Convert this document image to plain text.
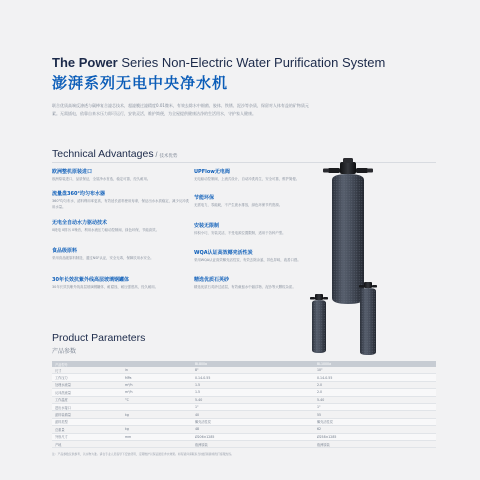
The Power Series Non-Electric Water Purification System
澎湃系列无电中央净水机
联合优质高端反渗透与碳棒复合滤芯技术，超滤膜过滤精度0.01微米，有效去除水中细菌、胶体、铁锈、泥沙等杂质，保留对人体有益的矿物质元素。无需插电，依靠自来水压力即可运行，安装灵活，维护简便，为全屋提供健康洁净的生活用水，守护家人健康。
Technical Advantages / 技术优势
欧洲整机原装进口
欧洲原装进口，品质保证，全屋净水首选，稳定可靠，经久耐用。
流量盘360°均匀布水器
360°均匀布水，滤料利用率更高，有效延长滤料使用寿命，保证出水水质稳定，减少反冲洗用水量。
无电全自动水力驱动技术
0耗电 0排污 0噪音，利用水流压力驱动控制阀，绿色环保，节能高效。
食品级原料
采用食品级原料制造，通过NSF认证，安全无毒，保障饮用水安全。
30年长效抗紫外线高层玻璃钢罐体
30年长效抗紫外线高层玻璃钢罐体，耐腐蚀、耐压强度高，经久耐用。
UPFlow无电阀
无电驱动控制阀，上流式设计，自动冲洗再生，安全可靠，维护简便。
节能环保
无需电力，零能耗，不产生废水排放，绿色环保节约资源。
安装无限制
体积小巧，安装灵活，不受电源位置限制，适用于各种户型。
WQA认证高效椰壳活性炭
采用WQA认证高效椰壳活性炭，有效去除余氯、异色异味，改善口感。
精选优质石英砂
精选优质石英砂过滤层，有效截留水中悬浮物、泥沙等大颗粒杂质。
Product Parameters
产品参数
产品型号		BL800a	BL1000a
尺寸	in	8"	10"
工作压力	MPa	0.14-0.55	0.14-0.55
处理水流量	m³/h	1.5	2.0
反冲洗流量	m³/h	1.5	2.0
工作温度	°C	5-40	5-40
进出水接口		1"	1"
滤料装填量	kg	40	55
滤料类型		椰壳活性炭	椰壳活性炭
总重量	kg	48	62
外形尺寸	mm	Ø206×1285	Ø258×1285
产地		欧洲原装	欧洲原装
注：产品参数仅供参考，以实物为准。请在专业人员指导下安装使用，定期维护以保证最佳净水效果。如有疑问请联系当地经销商或拨打客服热线。
